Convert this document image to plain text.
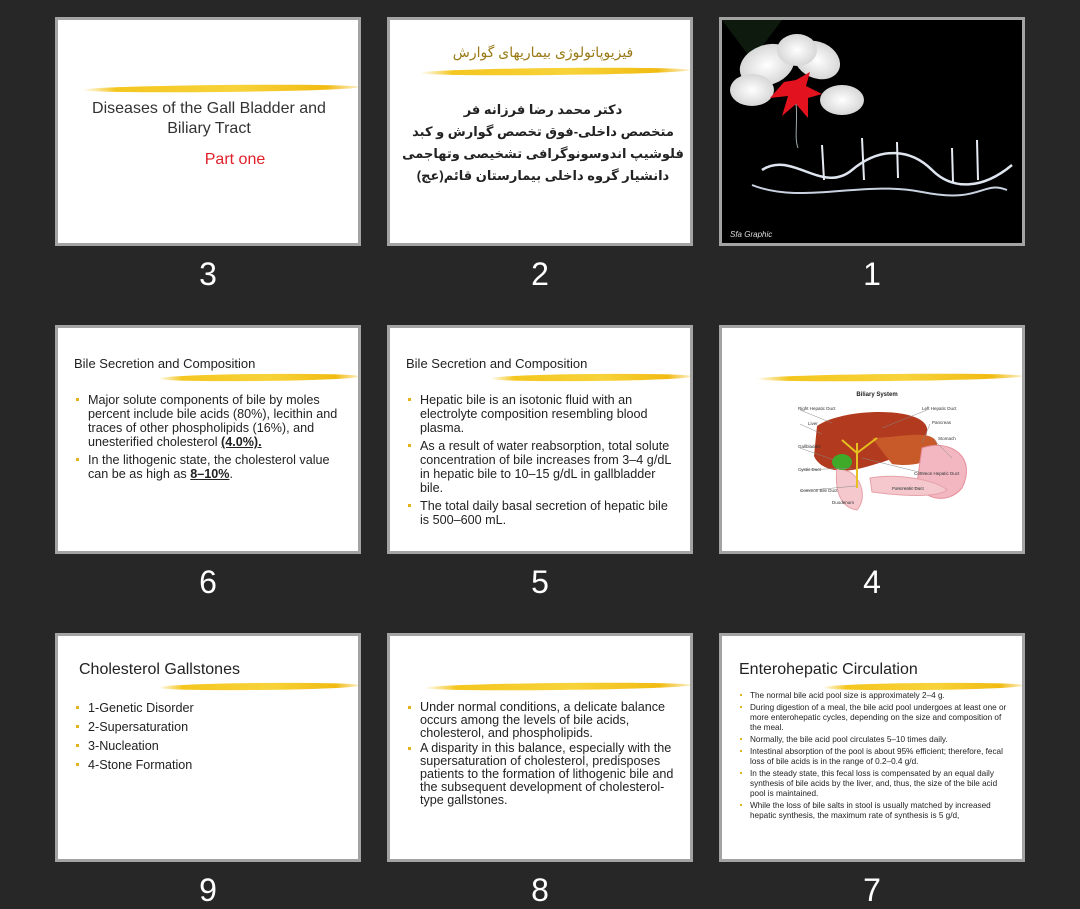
Diseases of the Gall Bladder and Biliary Tract
Part one
3
فیزیوپاتولوژی بیماریهای گوارش
دکتر محمد رضا فرزانه فر
متخصص داخلی-فوق تخصص گوارش و کبد
فلوشیپ اندوسونوگرافی تشخیصی وتهاجمی
دانشیار گروه داخلی بیمارستان قائم(عج)
2
Sfa Graphic
1
Bile Secretion and Composition
Major solute components of bile by moles percent include bile acids (80%), lecithin and traces of other phospholipids (16%), and unesterified cholesterol (4.0%).
In the lithogenic state, the cholesterol value can be as high as 8–10%.
6
Bile Secretion and Composition
Hepatic bile is an isotonic fluid with an electrolyte composition resembling blood plasma.
As a result of water reabsorption, total solute concentration of bile increases from 3–4 g/dL in hepatic bile to 10–15 g/dL in gallbladder bile.
The total daily basal secretion of hepatic bile is 500–600 mL.
5
Biliary System
Right Hepatic Duct
Liver
Gallbladder
Cystic Duct
Common Bile Duct
Duodenum
Left Hepatic Duct
Pancreas
Stomach
Common Hepatic Duct
Pancreatic Duct
4
Cholesterol Gallstones
1-Genetic Disorder
2-Supersaturation
3-Nucleation
4-Stone Formation
9
Under normal conditions, a delicate balance occurs among the levels of bile acids, cholesterol, and phospholipids.
A disparity in this balance, especially with the supersaturation of cholesterol, predisposes patients to the formation of lithogenic bile and the subsequent development of cholesterol-type gallstones.
8
Enterohepatic Circulation
The normal bile acid pool size is approximately 2–4 g.
During digestion of a meal, the bile acid pool undergoes at least one or more enterohepatic cycles, depending on the size and composition of the meal.
Normally, the bile acid pool circulates 5–10 times daily.
Intestinal absorption of the pool is about 95% efficient; therefore, fecal loss of bile acids is in the range of 0.2–0.4 g/d.
In the steady state, this fecal loss is compensated by an equal daily synthesis of bile acids by the liver, and, thus, the size of the bile acid pool is maintained.
While the loss of bile salts in stool is usually matched by increased hepatic synthesis, the maximum rate of synthesis is 5 g/d,
7
